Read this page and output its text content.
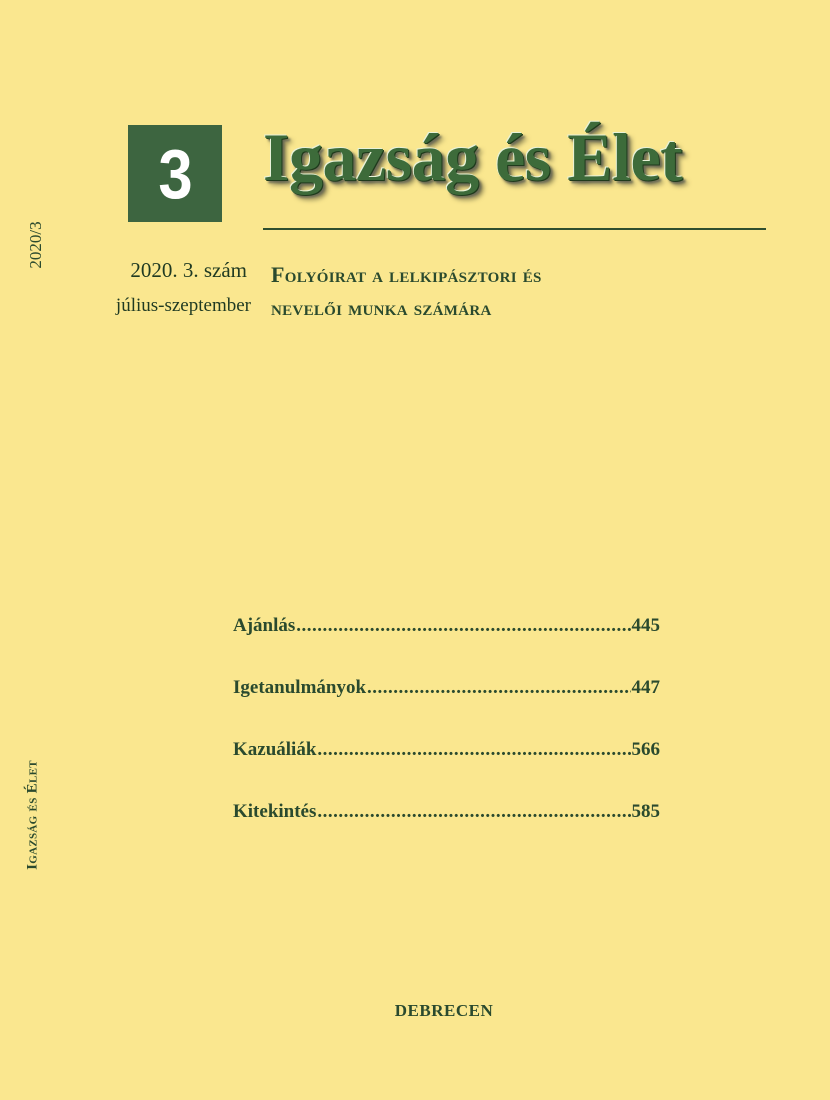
2020/3
Igazság és Élet
3 Igazság és Élet
2020. 3. szám
július-szeptember
Folyóirat a lelkipásztori és
nevelői munka számára
Ajánlás .....	445
Igetanulmányok .....	447
Kazuáliák .....	566
Kitekintés .....	585
DEBRECEN
